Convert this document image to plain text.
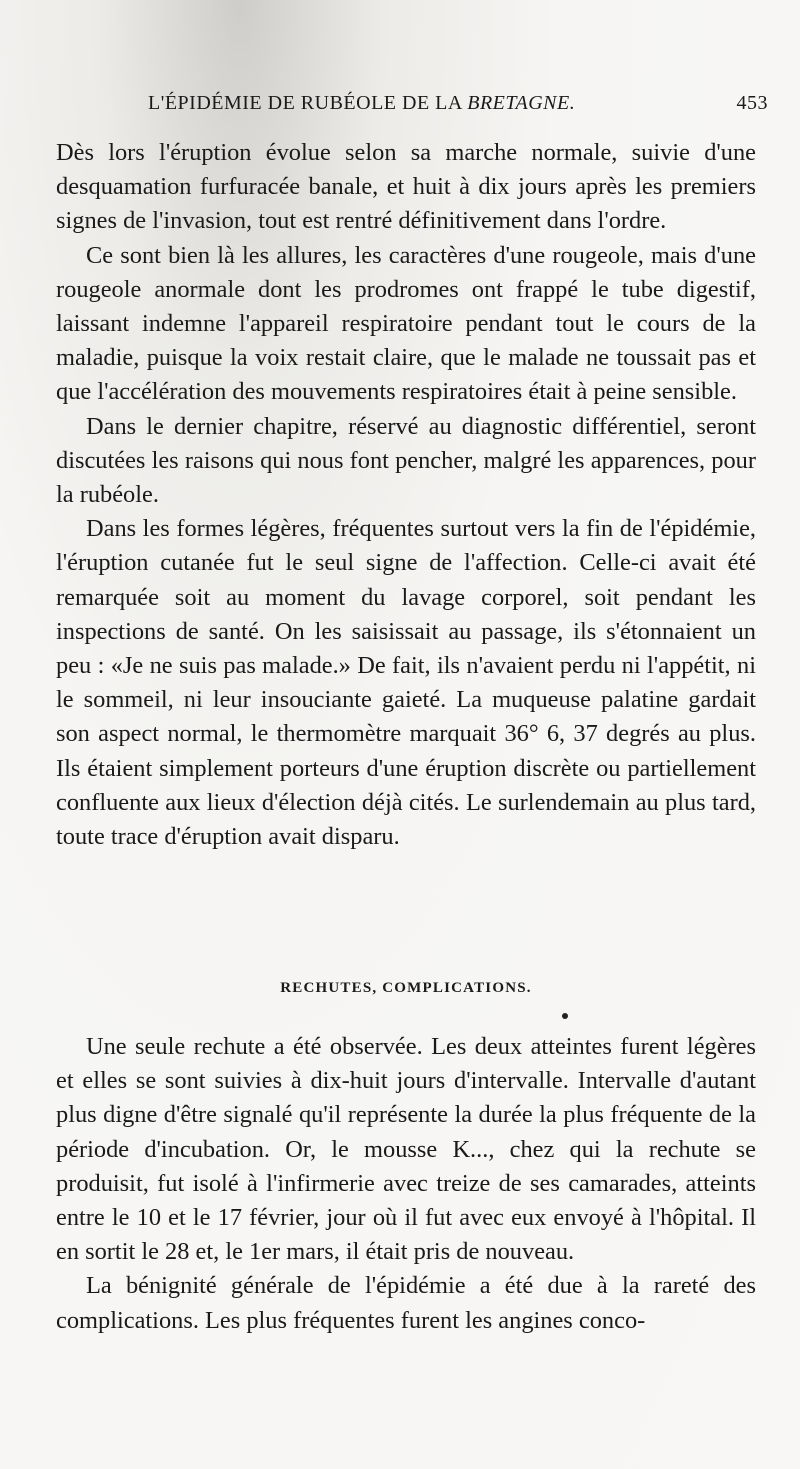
L'ÉPIDÉMIE DE RUBÉOLE DE LA BRETAGNE.	453

Dès lors l'éruption évolue selon sa marche normale, suivie d'une desquamation furfuracée banale, et huit à dix jours après les premiers signes de l'invasion, tout est rentré définitivement dans l'ordre.

Ce sont bien là les allures, les caractères d'une rougeole, mais d'une rougeole anormale dont les prodromes ont frappé le tube digestif, laissant indemne l'appareil respiratoire pendant tout le cours de la maladie, puisque la voix restait claire, que le malade ne toussait pas et que l'accélération des mouvements respiratoires était à peine sensible.

Dans le dernier chapitre, réservé au diagnostic différentiel, seront discutées les raisons qui nous font pencher, malgré les apparences, pour la rubéole.

Dans les formes légères, fréquentes surtout vers la fin de l'épidémie, l'éruption cutanée fut le seul signe de l'affection. Celle-ci avait été remarquée soit au moment du lavage corporel, soit pendant les inspections de santé. On les saisissait au passage, ils s'étonnaient un peu : «Je ne suis pas malade.» De fait, ils n'avaient perdu ni l'appétit, ni le sommeil, ni leur insouciante gaieté. La muqueuse palatine gardait son aspect normal, le thermomètre marquait 36° 6, 37 degrés au plus. Ils étaient simplement porteurs d'une éruption discrète ou partiellement confluente aux lieux d'élection déjà cités. Le surlendemain au plus tard, toute trace d'éruption avait disparu.

RECHUTES, COMPLICATIONS.

Une seule rechute a été observée. Les deux atteintes furent légères et elles se sont suivies à dix-huit jours d'intervalle. Intervalle d'autant plus digne d'être signalé qu'il représente la durée la plus fréquente de la période d'incubation. Or, le mousse K..., chez qui la rechute se produisit, fut isolé à l'infirmerie avec treize de ses camarades, atteints entre le 10 et le 17 février, jour où il fut avec eux envoyé à l'hôpital. Il en sortit le 28 et, le 1er mars, il était pris de nouveau.

La bénignité générale de l'épidémie a été due à la rareté des complications. Les plus fréquentes furent les angines conco-
